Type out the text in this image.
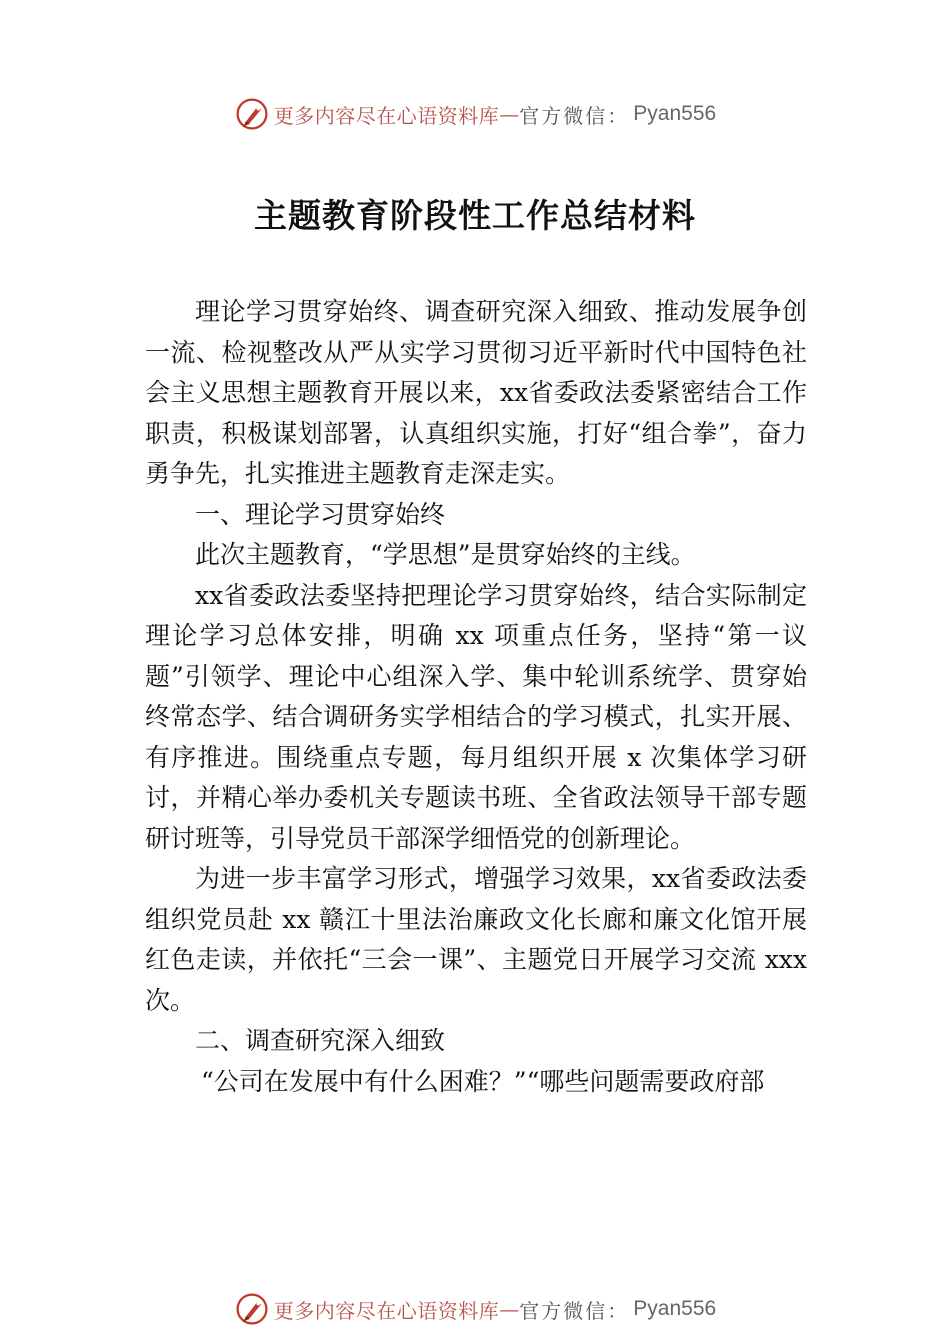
更多内容尽在心语资料库 — 官方微信： Pyan556
主题教育阶段性工作总结材料

理论学习贯穿始终、调查研究深入细致、推动发展争创一流、检视整改从严从实学习贯彻习近平新时代中国特色社会主义思想主题教育开展以来，xx省委政法委紧密结合工作职责，积极谋划部署，认真组织实施，打好“组合拳”，奋力勇争先，扎实推进主题教育走深走实。

一、理论学习贯穿始终

此次主题教育，“学思想”是贯穿始终的主线。

xx省委政法委坚持把理论学习贯穿始终，结合实际制定理论学习总体安排，明确 xx 项重点任务，坚持“第一议题”引领学、理论中心组深入学、集中轮训系统学、贯穿始终常态学、结合调研务实学相结合的学习模式，扎实开展、有序推进。围绕重点专题，每月组织开展 x 次集体学习研讨，并精心举办委机关专题读书班、全省政法领导干部专题研讨班等，引导党员干部深学细悟党的创新理论。

为进一步丰富学习形式，增强学习效果，xx省委政法委组织党员赴 xx 赣江十里法治廉政文化长廊和廉文化馆开展红色走读，并依托“三会一课”、主题党日开展学习交流 xxx 次。

二、调查研究深入细致

“公司在发展中有什么困难？”“哪些问题需要政府部

更多内容尽在心语资料库 — 官方微信： Pyan556
